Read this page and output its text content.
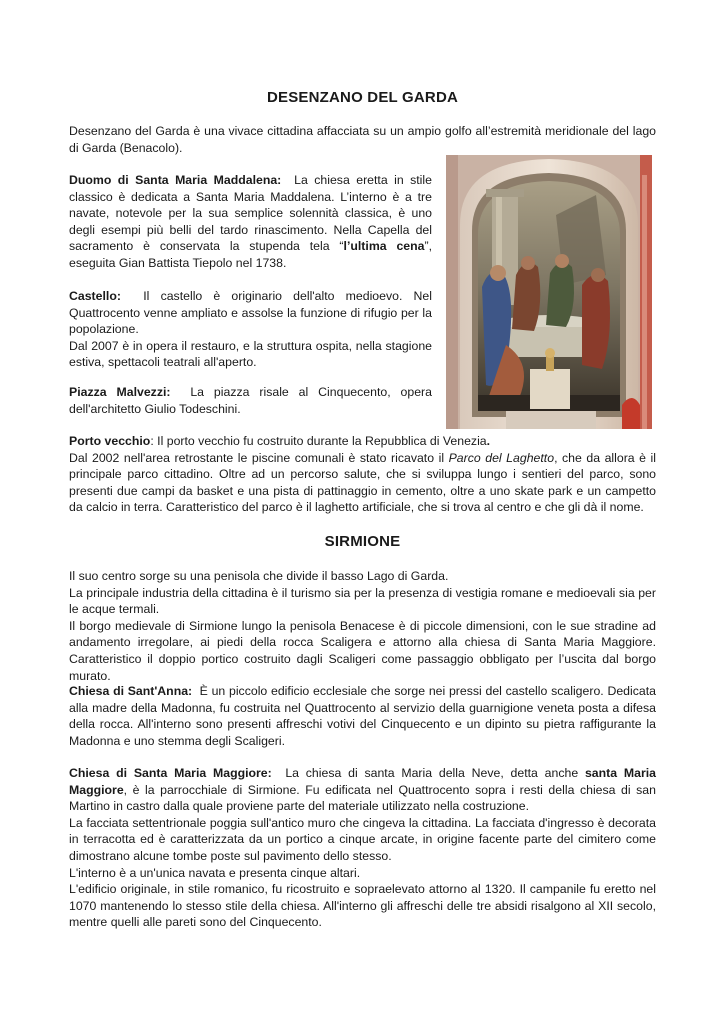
DESENZANO DEL GARDA

Desenzano del Garda è una vivace cittadina affacciata su un ampio golfo all’estremità meridionale del lago di Garda (Benacolo).

Duomo di Santa Maria Maddalena: La chiesa eretta in stile classico è dedicata a Santa Maria Maddalena. L’interno è a tre navate, notevole per la sua semplice solennità classica, è uno degli esempi più belli del tardo rinascimento. Nella Capella del sacramento è conservata la stupenda tela “l’ultima cena”, eseguita Gian Battista Tiepolo nel 1738.

Castello: Il castello è originario dell'alto medioevo. Nel Quattrocento venne ampliato e assolse la funzione di rifugio per la popolazione.
Dal 2007 è in opera il restauro, e la struttura ospita, nella stagione estiva, spettacoli teatrali all'aperto.

Piazza Malvezzi: La piazza risale al Cinquecento, opera dell'architetto Giulio Todeschini.

Porto vecchio: Il porto vecchio fu costruito durante la Repubblica di Venezia.
Dal 2002 nell'area retrostante le piscine comunali è stato ricavato il Parco del Laghetto, che da allora è il principale parco cittadino. Oltre ad un percorso salute, che si sviluppa lungo i sentieri del parco, sono presenti due campi da basket e una pista di pattinaggio in cemento, oltre a uno skate park e un campetto da calcio in terra. Caratteristico del parco è il laghetto artificiale, che si trova al centro e che gli dà il nome.

SIRMIONE

Il suo centro sorge su una penisola che divide il basso Lago di Garda.
La principale industria della cittadina è il turismo sia per la presenza di vestigia romane e medioevali sia per le acque termali.
Il borgo medievale di Sirmione lungo la penisola Benacese è di piccole dimensioni, con le sue stradine ad andamento irregolare, ai piedi della rocca Scaligera e attorno alla chiesa di Santa Maria Maggiore. Caratteristico il doppio portico costruito dagli Scaligeri come passaggio obbligato per l’uscita dal borgo murato.

Chiesa di Sant'Anna: È un piccolo edificio ecclesiale che sorge nei pressi del castello scaligero. Dedicata alla madre della Madonna, fu costruita nel Quattrocento al servizio della guarnigione veneta posta a difesa della rocca. All'interno sono presenti affreschi votivi del Cinquecento e un dipinto su pietra raffigurante la Madonna e uno stemma degli Scaligeri.

Chiesa di Santa Maria Maggiore: La chiesa di santa Maria della Neve, detta anche santa Maria Maggiore, è la parrocchiale di Sirmione. Fu edificata nel Quattrocento sopra i resti della chiesa di san Martino in castro dalla quale proviene parte del materiale utilizzato nella costruzione.
La facciata settentrionale poggia sull'antico muro che cingeva la cittadina. La facciata d'ingresso è decorata in terracotta ed è caratterizzata da un portico a cinque arcate, in origine facente parte del cimitero come dimostrano alcune tombe poste sul pavimento dello stesso.
L'interno è a un'unica navata e presenta cinque altari.
L'edificio originale, in stile romanico, fu ricostruito e sopraelevato attorno al 1320. Il campanile fu eretto nel 1070 mantenendo lo stesso stile della chiesa. All'interno gli affreschi delle tre absidi risalgono al XII secolo, mentre quelli alle pareti sono del Cinquecento.
